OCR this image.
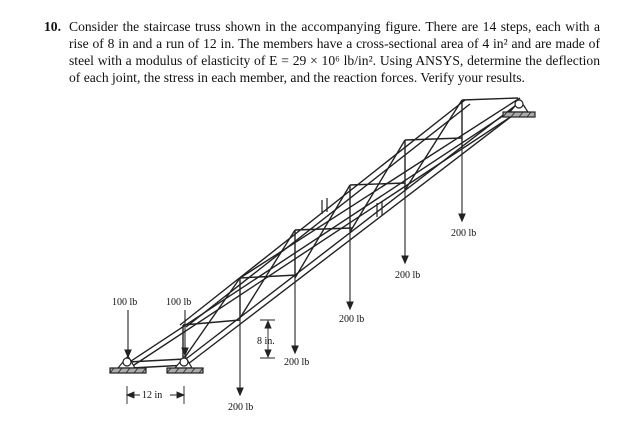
10. Consider the staircase truss shown in the accompanying figure. There are 14 steps, each with a rise of 8 in and a run of 12 in. The members have a cross-sectional area of 4 in² and are made of steel with a modulus of elasticity of E = 29 × 10⁶ lb/in². Using ANSYS, determine the deflection of each joint, the stress in each member, and the reaction forces. Verify your results.
100 lb	100 lb
200 lb
200 lb
200 lb
200 lb
200 lb
8 in.
12 in
